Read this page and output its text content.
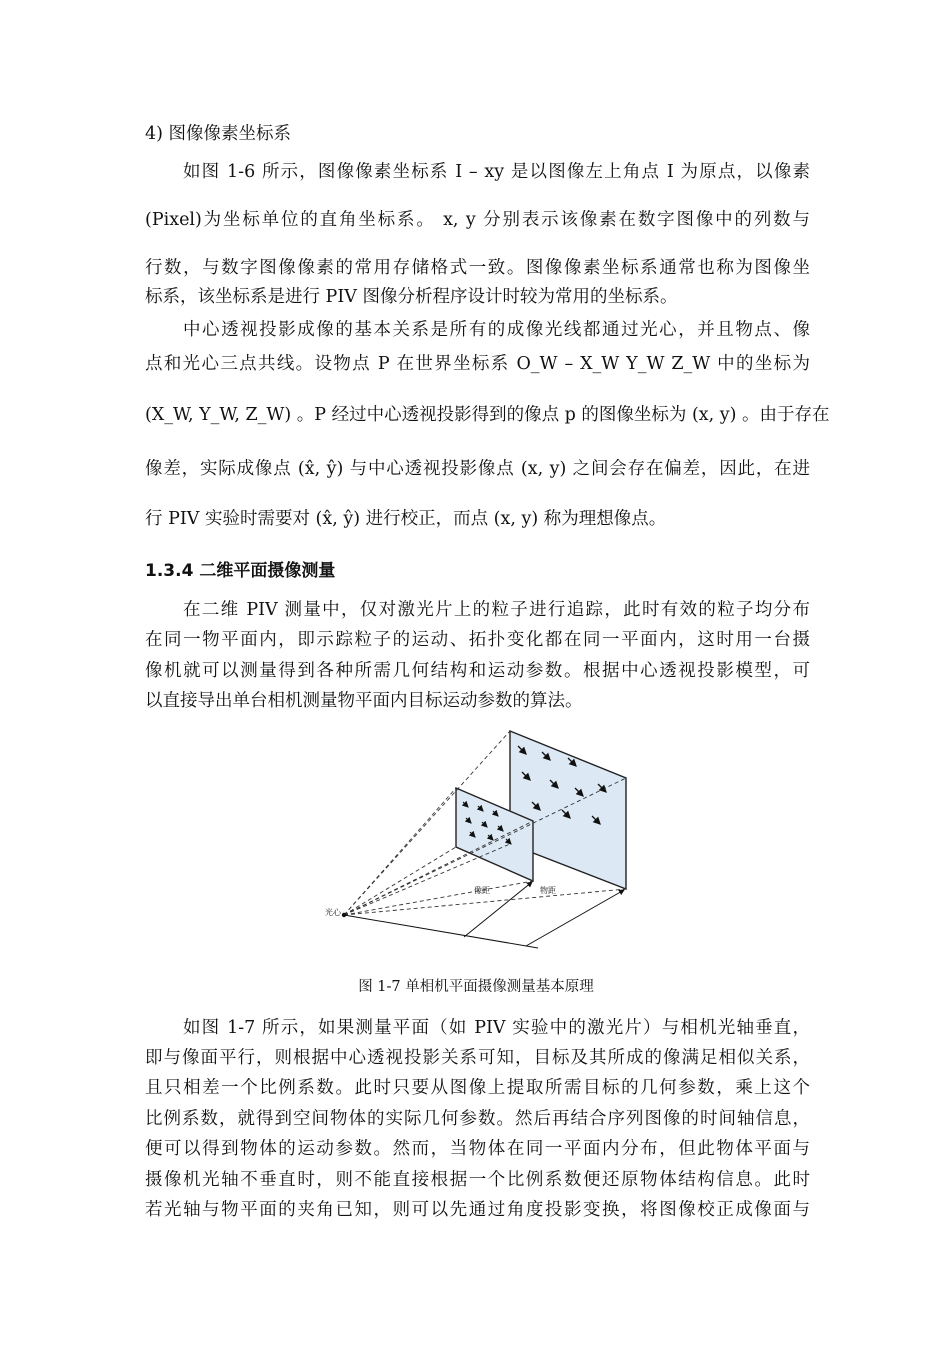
4) 图像像素坐标系
如图 1-6 所示，图像像素坐标系 I – xy 是以图像左上角点 I 为原点，以像素
(Pixel)为坐标单位的直角坐标系。 x, y 分别表示该像素在数字图像中的列数与
行数，与数字图像像素的常用存储格式一致。图像像素坐标系通常也称为图像坐
标系，该坐标系是进行 PIV 图像分析程序设计时较为常用的坐标系。
中心透视投影成像的基本关系是所有的成像光线都通过光心，并且物点、像
点和光心三点共线。设物点 P 在世界坐标系 O_W – X_W Y_W Z_W 中的坐标为
(X_W, Y_W, Z_W) 。P 经过中心透视投影得到的像点 p 的图像坐标为 (x, y) 。由于存在
像差，实际成像点 (x̂, ŷ) 与中心透视投影像点 (x, y) 之间会存在偏差，因此，在进
行 PIV 实验时需要对 (x̂, ŷ) 进行校正，而点 (x, y) 称为理想像点。
1.3.4 二维平面摄像测量
在二维 PIV 测量中，仅对激光片上的粒子进行追踪，此时有效的粒子均分布
在同一物平面内，即示踪粒子的运动、拓扑变化都在同一平面内，这时用一台摄
像机就可以测量得到各种所需几何结构和运动参数。根据中心透视投影模型，可
以直接导出单台相机测量物平面内目标运动参数的算法。
光心
像距	物距
图 1-7 单相机平面摄像测量基本原理
如图 1-7 所示，如果测量平面（如 PIV 实验中的激光片）与相机光轴垂直，
即与像面平行，则根据中心透视投影关系可知，目标及其所成的像满足相似关系，
且只相差一个比例系数。此时只要从图像上提取所需目标的几何参数，乘上这个
比例系数，就得到空间物体的实际几何参数。然后再结合序列图像的时间轴信息，
便可以得到物体的运动参数。然而，当物体在同一平面内分布，但此物体平面与
摄像机光轴不垂直时，则不能直接根据一个比例系数便还原物体结构信息。此时
若光轴与物平面的夹角已知，则可以先通过角度投影变换，将图像校正成像面与
